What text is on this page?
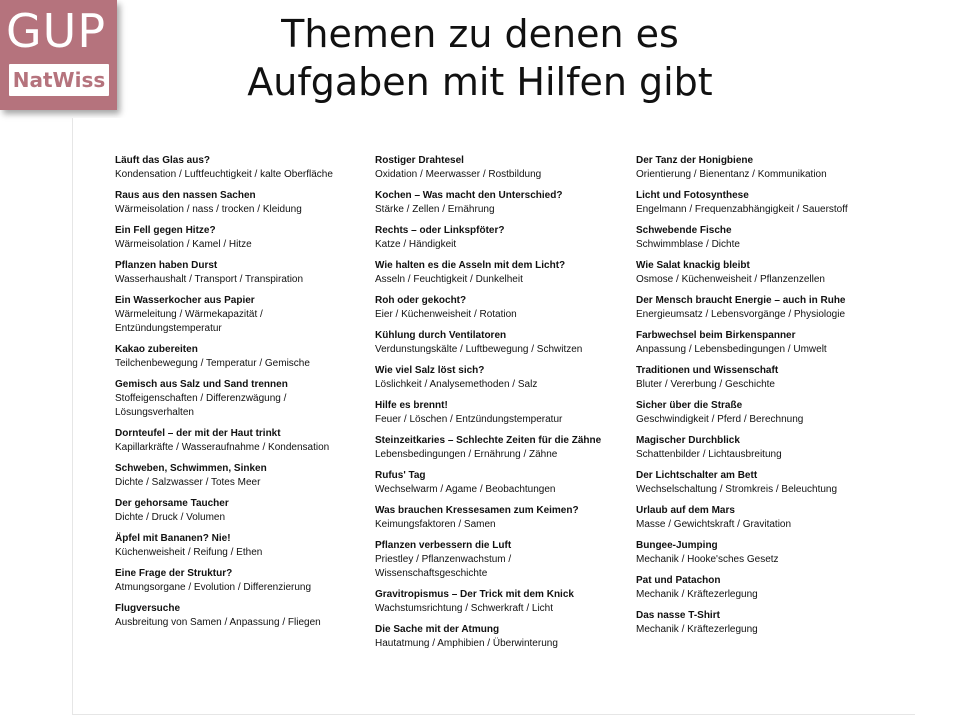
GUP
NatWiss
Themen zu denen es
Aufgaben mit Hilfen gibt
Läuft das Glas aus?
Kondensation / Luftfeuchtigkeit / kalte Oberfläche
Raus aus den nassen Sachen
Wärmeisolation / nass / trocken / Kleidung
Ein Fell gegen Hitze?
Wärmeisolation / Kamel / Hitze
Pflanzen haben Durst
Wasserhaushalt / Transport / Transpiration
Ein Wasserkocher aus Papier
Wärmeleitung / Wärmekapazität /
Entzündungstemperatur
Kakao zubereiten
Teilchenbewegung / Temperatur / Gemische
Gemisch aus Salz und Sand trennen
Stoffeigenschaften / Differenzwägung /
Lösungsverhalten
Dornteufel – der mit der Haut trinkt
Kapillarkräfte / Wasseraufnahme / Kondensation
Schweben, Schwimmen, Sinken
Dichte / Salzwasser / Totes Meer
Der gehorsame Taucher
Dichte / Druck / Volumen
Äpfel mit Bananen? Nie!
Küchenweisheit / Reifung / Ethen
Eine Frage der Struktur?
Atmungsorgane / Evolution / Differenzierung
Flugversuche
Ausbreitung von Samen / Anpassung / Fliegen
Rostiger Drahtesel
Oxidation / Meerwasser / Rostbildung
Kochen – Was macht den Unterschied?
Stärke / Zellen / Ernährung
Rechts – oder Linkspföter?
Katze / Händigkeit
Wie halten es die Asseln mit dem Licht?
Asseln / Feuchtigkeit / Dunkelheit
Roh oder gekocht?
Eier / Küchenweisheit / Rotation
Kühlung durch Ventilatoren
Verdunstungskälte / Luftbewegung / Schwitzen
Wie viel Salz löst sich?
Löslichkeit / Analysemethoden / Salz
Hilfe es brennt!
Feuer / Löschen / Entzündungstemperatur
Steinzeitkaries – Schlechte Zeiten für die Zähne
Lebensbedingungen / Ernährung / Zähne
Rufus' Tag
Wechselwarm / Agame / Beobachtungen
Was brauchen Kressesamen zum Keimen?
Keimungsfaktoren / Samen
Pflanzen verbessern die Luft
Priestley / Pflanzenwachstum /
Wissenschaftsgeschichte
Gravitropismus – Der Trick mit dem Knick
Wachstumsrichtung / Schwerkraft / Licht
Die Sache mit der Atmung
Hautatmung / Amphibien / Überwinterung
Der Tanz der Honigbiene
Orientierung / Bienentanz / Kommunikation
Licht und Fotosynthese
Engelmann / Frequenzabhängigkeit / Sauerstoff
Schwebende Fische
Schwimmblase / Dichte
Wie Salat knackig bleibt
Osmose / Küchenweisheit / Pflanzenzellen
Der Mensch braucht Energie – auch in Ruhe
Energieumsatz / Lebensvorgänge / Physiologie
Farbwechsel beim Birkenspanner
Anpassung / Lebensbedingungen / Umwelt
Traditionen und Wissenschaft
Bluter / Vererbung / Geschichte
Sicher über die Straße
Geschwindigkeit / Pferd / Berechnung
Magischer Durchblick
Schattenbilder / Lichtausbreitung
Der Lichtschalter am Bett
Wechselschaltung / Stromkreis / Beleuchtung
Urlaub auf dem Mars
Masse / Gewichtskraft / Gravitation
Bungee-Jumping
Mechanik / Hooke'sches Gesetz
Pat und Patachon
Mechanik / Kräftezerlegung
Das nasse T-Shirt
Mechanik / Kräftezerlegung
